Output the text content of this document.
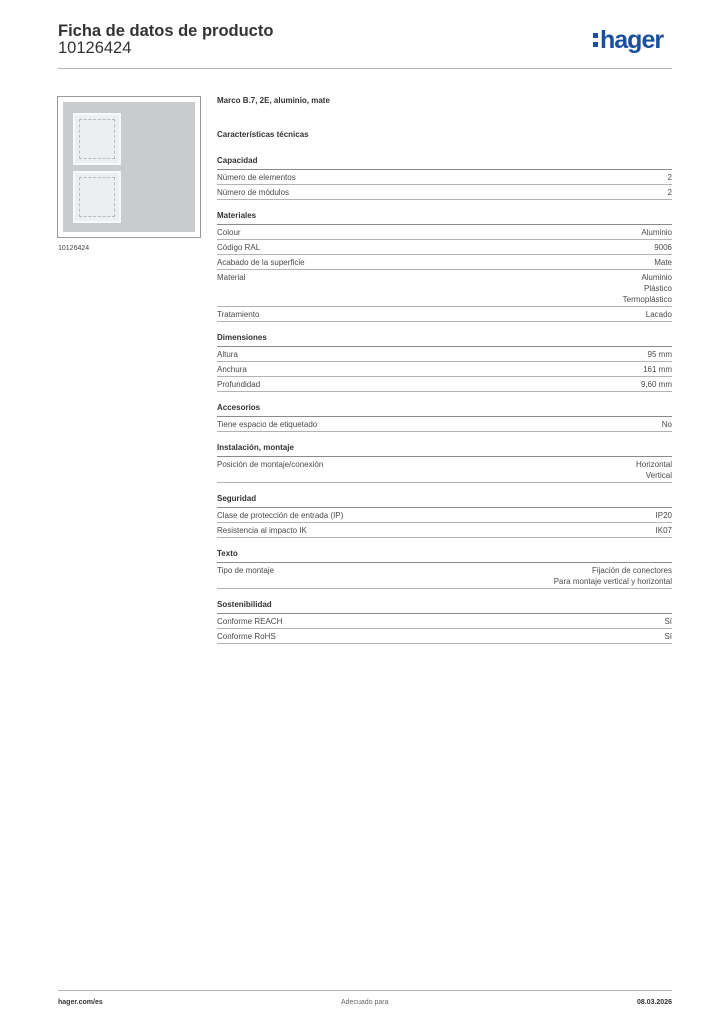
Ficha de datos de producto
10126424	hager
10126424
Marco B.7, 2E, aluminio, mate
Características técnicas
Capacidad
Número de elementos	2
Número de módulos	2
Materiales
Colour	Aluminio
Código RAL	9006
Acabado de la superficie	Mate
Material	Aluminio
Plástico
Termoplástico
Tratamiento	Lacado
Dimensiones
Altura	95 mm
Anchura	161 mm
Profundidad	9,60 mm
Accesorios
Tiene espacio de etiquetado	No
Instalación, montaje
Posición de montaje/conexión	Horizontal
Vertical
Seguridad
Clase de protección de entrada (IP)	IP20
Resistencia al impacto IK	IK07
Texto
Tipo de montaje	Fijación de conectores
Para montaje vertical y horizontal
Sostenibilidad
Conforme REACH	Sí
Conforme RoHS	Sí
hager.com/es	Adecuado para	08.03.2026
